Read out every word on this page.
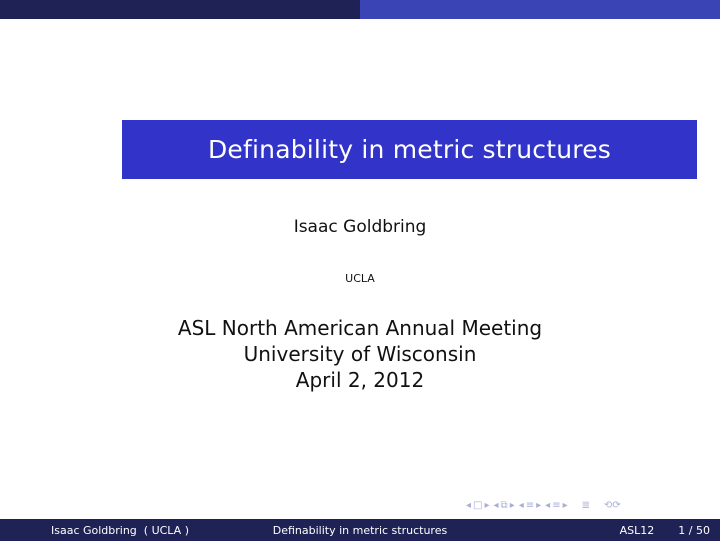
Definability in metric structures
Isaac Goldbring
UCLA
ASL North American Annual Meeting
University of Wisconsin
April 2, 2012
◂ □ ▸ ◂ ⧉ ▸ ◂ ≡ ▸ ◂ ≡ ▸ ≣ ⟲⟳
Isaac Goldbring  ( UCLA )	Definability in metric structures	ASL12 1 / 50
